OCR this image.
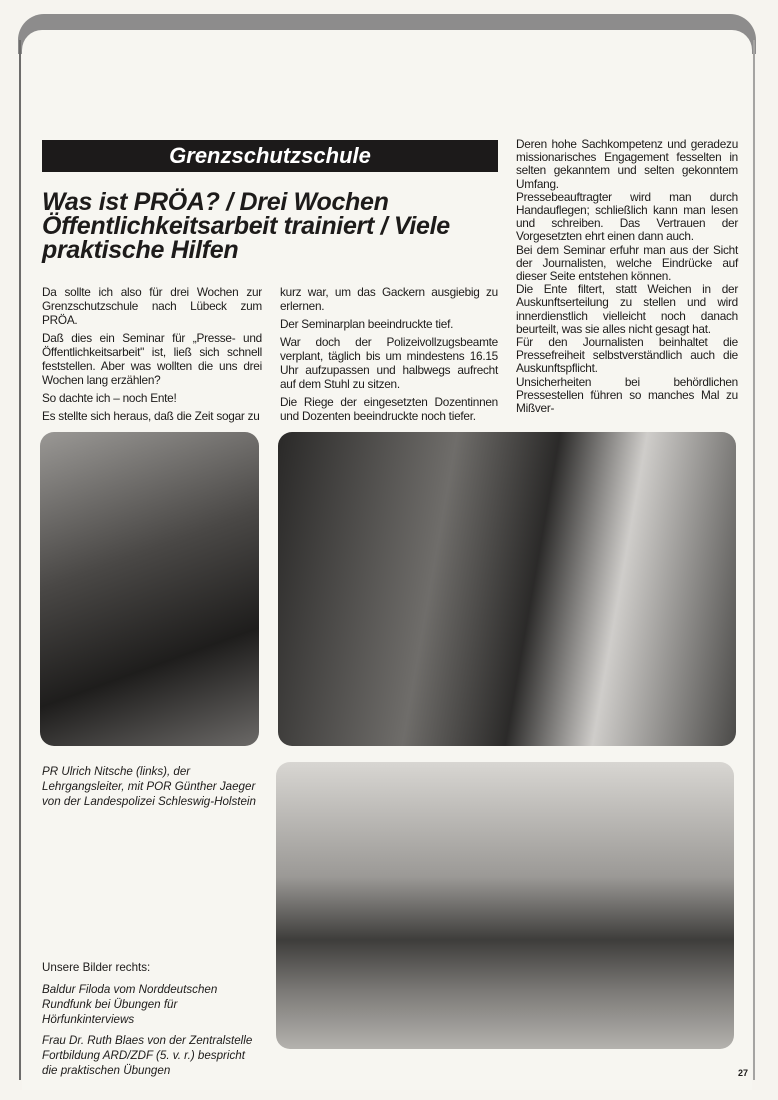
Grenzschutzschule
Was ist PRÖA? / Drei Wochen Öffentlichkeitsarbeit trainiert / Viele praktische Hilfen

Da sollte ich also für drei Wochen zur Grenzschutzschule nach Lübeck zum PRÖA.

Daß dies ein Seminar für „Presse- und Öffentlichkeitsarbeit" ist, ließ sich schnell feststellen. Aber was wollten die uns drei Wochen lang erzählen?

So dachte ich – noch Ente!

Es stellte sich heraus, daß die Zeit sogar zu

kurz war, um das Gackern ausgiebig zu erlernen.

Der Seminarplan beeindruckte tief.

War doch der Polizeivollzugsbeamte verplant, täglich bis um mindestens 16.15 Uhr aufzupassen und halbwegs aufrecht auf dem Stuhl zu sitzen.

Die Riege der eingesetzten Dozentinnen und Dozenten beeindruckte noch tiefer.

Deren hohe Sachkompetenz und geradezu missionarisches Engagement fesselten in selten gekanntem und selten gekonntem Umfang.

Pressebeauftragter wird man durch Handauflegen; schließlich kann man lesen und schreiben. Das Vertrauen der Vorgesetzten ehrt einen dann auch.

Bei dem Seminar erfuhr man aus der Sicht der Journalisten, welche Eindrücke auf dieser Seite entstehen können.

Die Ente filtert, statt Weichen in der Auskunftserteilung zu stellen und wird innerdienstlich vielleicht noch danach beurteilt, was sie alles nicht gesagt hat.

Für den Journalisten beinhaltet die Pressefreiheit selbstverständlich auch die Auskunftspflicht.

Unsicherheiten bei behördlichen Pressestellen führen so manches Mal zu Mißver-

PR Ulrich Nitsche (links), der Lehrgangsleiter, mit POR Günther Jaeger von der Landespolizei Schleswig-Holstein
Unsere Bilder rechts:
Baldur Filoda vom Norddeutschen Rundfunk bei Übungen für Hörfunkinterviews
Frau Dr. Ruth Blaes von der Zentralstelle Fortbildung ARD/ZDF (5. v. r.) bespricht die praktischen Übungen	27
